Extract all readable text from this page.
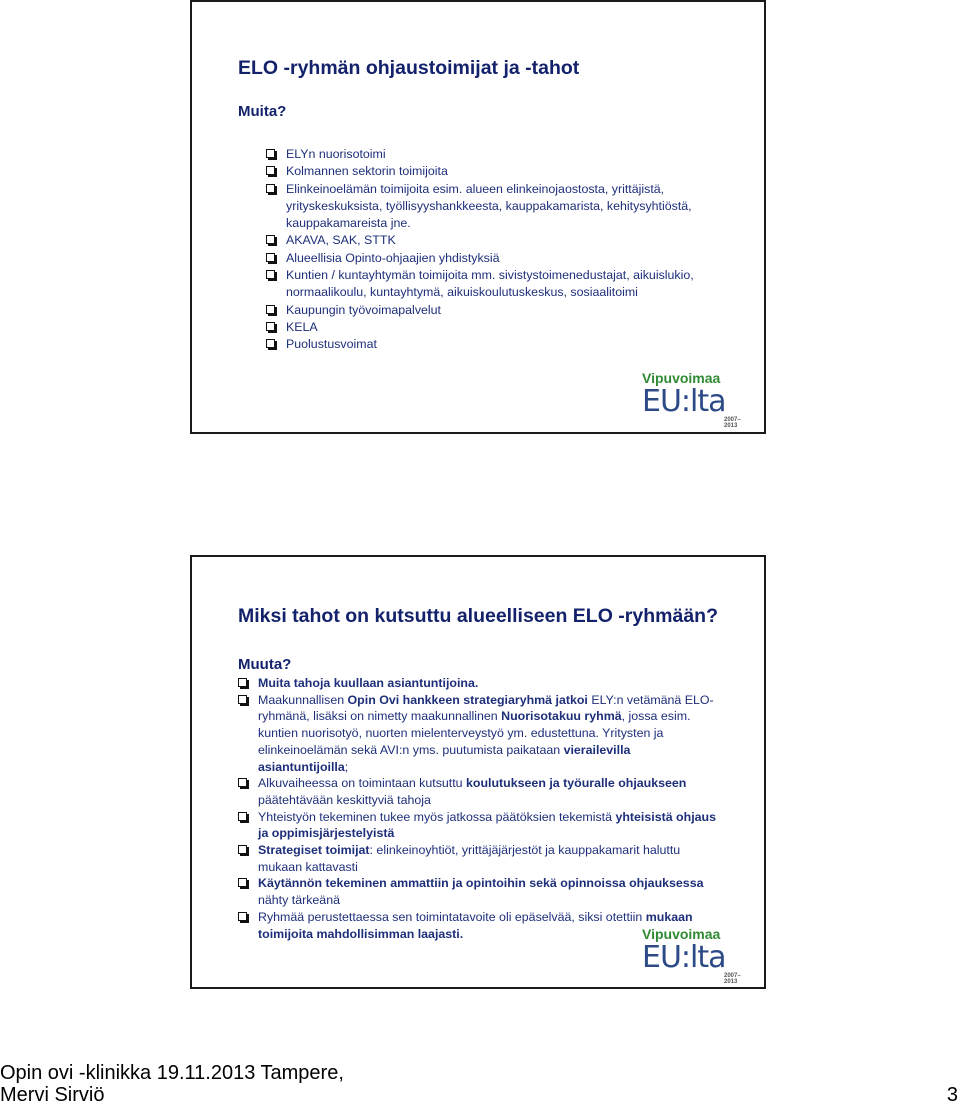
ELO -ryhmän ohjaustoimijat ja -tahot
Muita?
ELYn nuorisotoimi
Kolmannen sektorin toimijoita
Elinkeinoelämän toimijoita esim. alueen elinkeinojaostosta, yrittäjistä, yrityskeskuksista, työllisyyshankkeesta, kauppakamarista, kehitysyhtiöstä, kauppakamareista jne.
AKAVA, SAK, STTK
Alueellisia Opinto-ohjaajien yhdistyksiä
Kuntien / kuntayhtymän toimijoita mm. sivistystoimenedustajat, aikuislukio, normaalikoulu, kuntayhtymä, aikuiskoulutuskeskus, sosiaalitoimi
Kaupungin työvoimapalvelut
KELA
Puolustusvoimat
Vipuvoimaa
EU:lta
2007–2013
Miksi tahot on kutsuttu alueelliseen ELO -ryhmään?
Muuta?
Muita tahoja kuullaan asiantuntijoina.
Maakunnallisen Opin Ovi hankkeen strategiaryhmä jatkoi ELY:n vetämänä ELO-ryhmänä, lisäksi on nimetty maakunnallinen Nuorisotakuu ryhmä, jossa esim. kuntien nuorisotyö, nuorten mielenterveystyö ym. edustettuna. Yritysten ja elinkeinoelämän sekä AVI:n yms. puutumista paikataan vierailevilla asiantuntijoilla;
Alkuvaiheessa on toimintaan kutsuttu koulutukseen ja työuralle ohjaukseen päätehtävään keskittyviä tahoja
Yhteistyön tekeminen tukee myös jatkossa päätöksien tekemistä yhteisistä ohjaus ja oppimisjärjestelyistä
Strategiset toimijat: elinkeinoyhtiöt, yrittäjäjärjestöt ja kauppakamarit haluttu mukaan kattavasti
Käytännön tekeminen ammattiin ja opintoihin sekä opinnoissa ohjauksessa nähty tärkeänä
Ryhmää perustettaessa sen toimintatavoite oli epäselvää, siksi otettiin mukaan toimijoita mahdollisimman laajasti.	Vipuvoimaa
EU:lta
2007–2013
Opin ovi -klinikka 19.11.2013 Tampere,
Mervi Sirviö	3
